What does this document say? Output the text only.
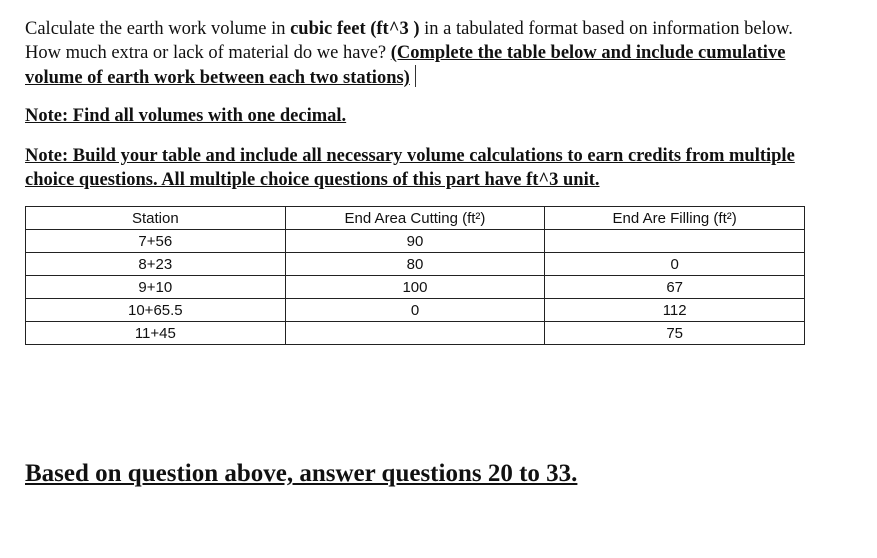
Calculate the earth work volume in cubic feet (ft^3 ) in a tabulated format based on information below. How much extra or lack of material do we have? (Complete the table below and include cumulative volume of earth work between each two stations)
Note: Find all volumes with one decimal.
Note: Build your table and include all necessary volume calculations to earn credits from multiple choice questions. All multiple choice questions of this part have ft^3 unit.
Station	End Area Cutting (ft²)	End Are Filling (ft²)
7+56	90	
8+23	80	0
9+10	100	67
10+65.5	0	112
11+45		75
Based on question above, answer questions 20 to 33.
